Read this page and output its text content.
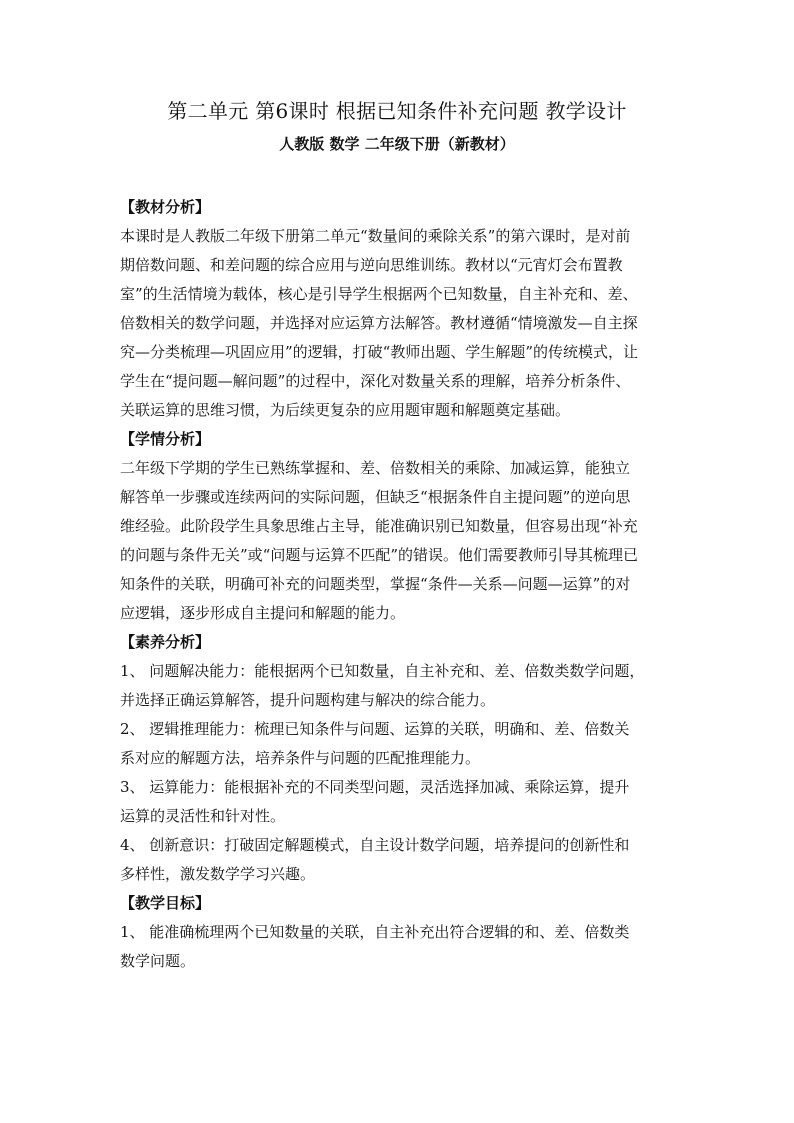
第二单元 第6课时 根据已知条件补充问题 教学设计
人教版 数学 二年级下册（新教材）
【教材分析】
本课时是人教版二年级下册第二单元“数量间的乘除关系”的第六课时，是对前
期倍数问题、和差问题的综合应用与逆向思维训练。教材以“元宵灯会布置教
室”的生活情境为载体，核心是引导学生根据两个已知数量，自主补充和、差、
倍数相关的数学问题，并选择对应运算方法解答。教材遵循“情境激发—自主探
究—分类梳理—巩固应用”的逻辑，打破“教师出题、学生解题”的传统模式，让
学生在“提问题—解问题”的过程中，深化对数量关系的理解，培养分析条件、
关联运算的思维习惯，为后续更复杂的应用题审题和解题奠定基础。
【学情分析】
二年级下学期的学生已熟练掌握和、差、倍数相关的乘除、加减运算，能独立
解答单一步骤或连续两问的实际问题，但缺乏“根据条件自主提问题”的逆向思
维经验。此阶段学生具象思维占主导，能准确识别已知数量，但容易出现“补充
的问题与条件无关”或“问题与运算不匹配”的错误。他们需要教师引导其梳理已
知条件的关联，明确可补充的问题类型，掌握“条件—关系—问题—运算”的对
应逻辑，逐步形成自主提问和解题的能力。
【素养分析】
1、 问题解决能力：能根据两个已知数量，自主补充和、差、倍数类数学问题，
并选择正确运算解答，提升问题构建与解决的综合能力。
2、 逻辑推理能力：梳理已知条件与问题、运算的关联，明确和、差、倍数关
系对应的解题方法，培养条件与问题的匹配推理能力。
3、 运算能力：能根据补充的不同类型问题，灵活选择加减、乘除运算，提升
运算的灵活性和针对性。
4、 创新意识：打破固定解题模式，自主设计数学问题，培养提问的创新性和
多样性，激发数学学习兴趣。
【教学目标】
1、 能准确梳理两个已知数量的关联，自主补充出符合逻辑的和、差、倍数类
数学问题。
